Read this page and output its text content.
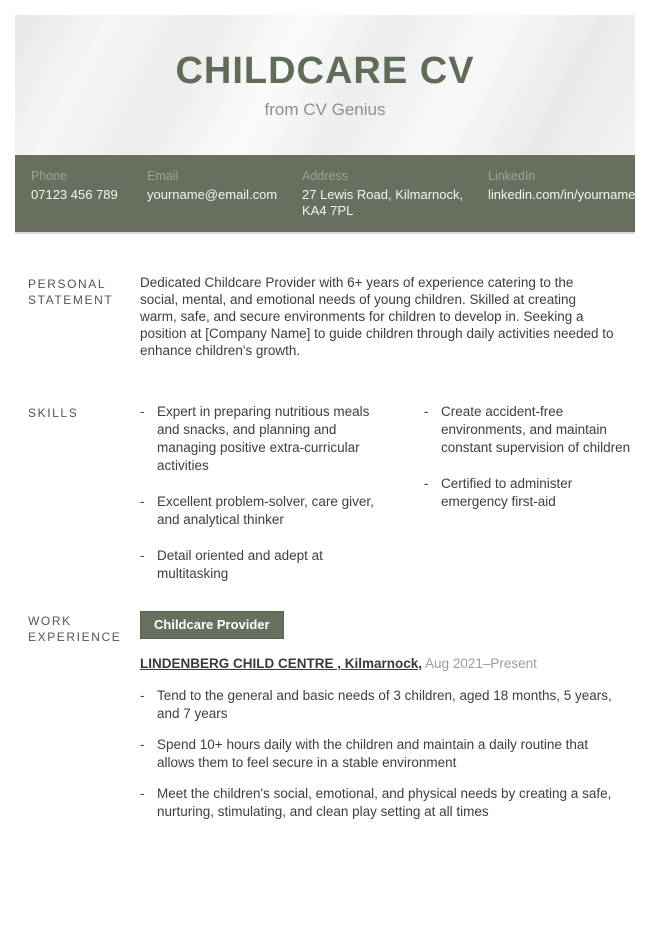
CHILDCARE CV
from CV Genius
Phone
07123 456 789
Email
yourname@email.com
Address
27 Lewis Road, Kilmarnock, KA4 7PL
LinkedIn
linkedin.com/in/yourname
PERSONAL STATEMENT
Dedicated Childcare Provider with 6+ years of experience catering to the social, mental, and emotional needs of young children. Skilled at creating warm, safe, and secure environments for children to develop in. Seeking a position at [Company Name] to guide children through daily activities needed to enhance children's growth.
SKILLS	- Expert in preparing nutritious meals and snacks, and planning and managing positive extra-curricular activities
- Excellent problem-solver, care giver, and analytical thinker
- Detail oriented and adept at multitasking
- Create accident-free environments, and maintain constant supervision of children
- Certified to administer emergency first-aid
WORK EXPERIENCE
Childcare Provider
LINDENBERG CHILD CENTRE , Kilmarnock, Aug 2021–Present
- Tend to the general and basic needs of 3 children, aged 18 months, 5 years, and 7 years
- Spend 10+ hours daily with the children and maintain a daily routine that allows them to feel secure in a stable environment
- Meet the children's social, emotional, and physical needs by creating a safe, nurturing, stimulating, and clean play setting at all times
